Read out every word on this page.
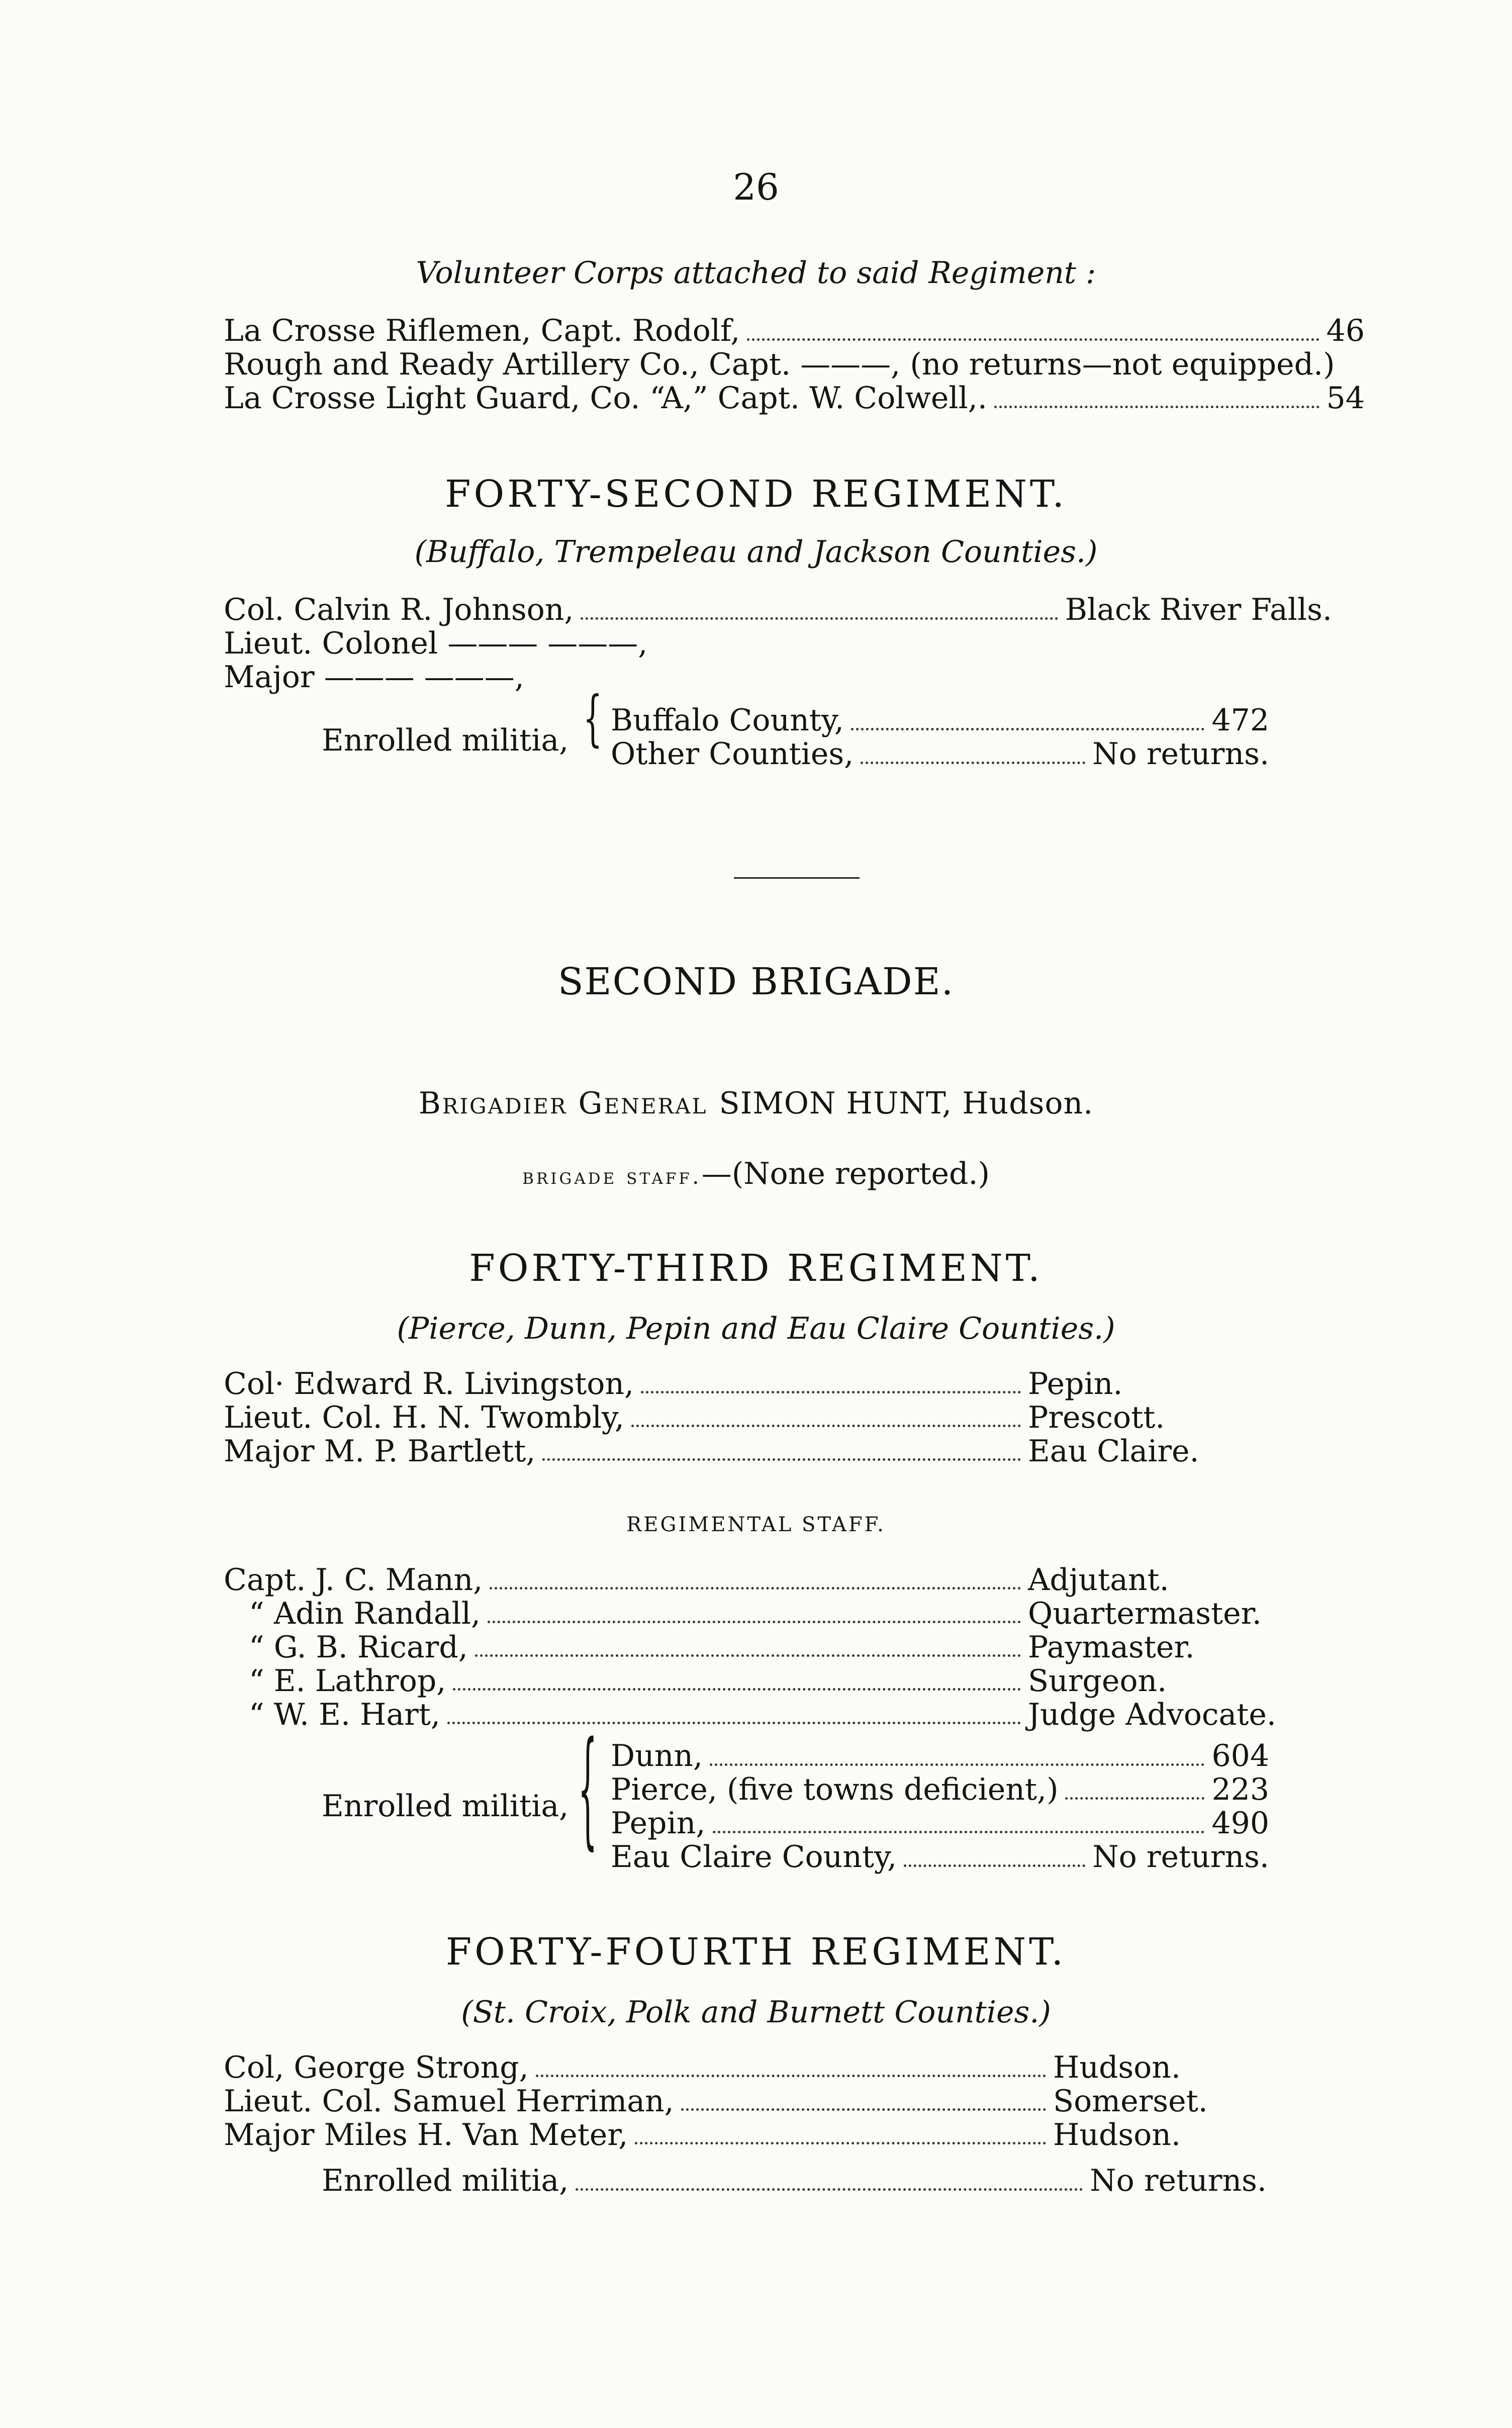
26
Volunteer Corps attached to said Regiment :
La Crosse Riflemen, Capt. Rodolf,	46
Rough and Ready Artillery Co., Capt. ———, (no returns—not equipped.)
La Crosse Light Guard, Co. “A,” Capt. W. Colwell,.	54
FORTY-SECOND REGIMENT.
(Buffalo, Trempeleau and Jackson Counties.)
Col. Calvin R. Johnson,	Black River Falls.
Lieut. Colonel ——— ———,
Major ——— ———,
Enrolled militia, { Buffalo County,	472
Other Counties,	No returns.
SECOND BRIGADE.
Brigadier General SIMON HUNT, Hudson.
brigade staff.—(None reported.)
FORTY-THIRD REGIMENT.
(Pierce, Dunn, Pepin and Eau Claire Counties.)
Col· Edward R. Livingston,	Pepin.
Lieut. Col. H. N. Twombly,	Prescott.
Major M. P. Bartlett,	Eau Claire.
REGIMENTAL STAFF.
Capt. J. C. Mann,	Adjutant.
“ Adin Randall,	Quartermaster.
“ G. B. Ricard,	Paymaster.
“ E. Lathrop,	Surgeon.
“ W. E. Hart,	Judge Advocate.
Enrolled militia, { Dunn,	604
Pierce, (five towns deficient,)	223
Pepin,	490
Eau Claire County,	No returns.
FORTY-FOURTH REGIMENT.
(St. Croix, Polk and Burnett Counties.)
Col, George Strong,	Hudson.
Lieut. Col. Samuel Herriman,	Somerset.
Major Miles H. Van Meter,	Hudson.
Enrolled militia,	No returns.
